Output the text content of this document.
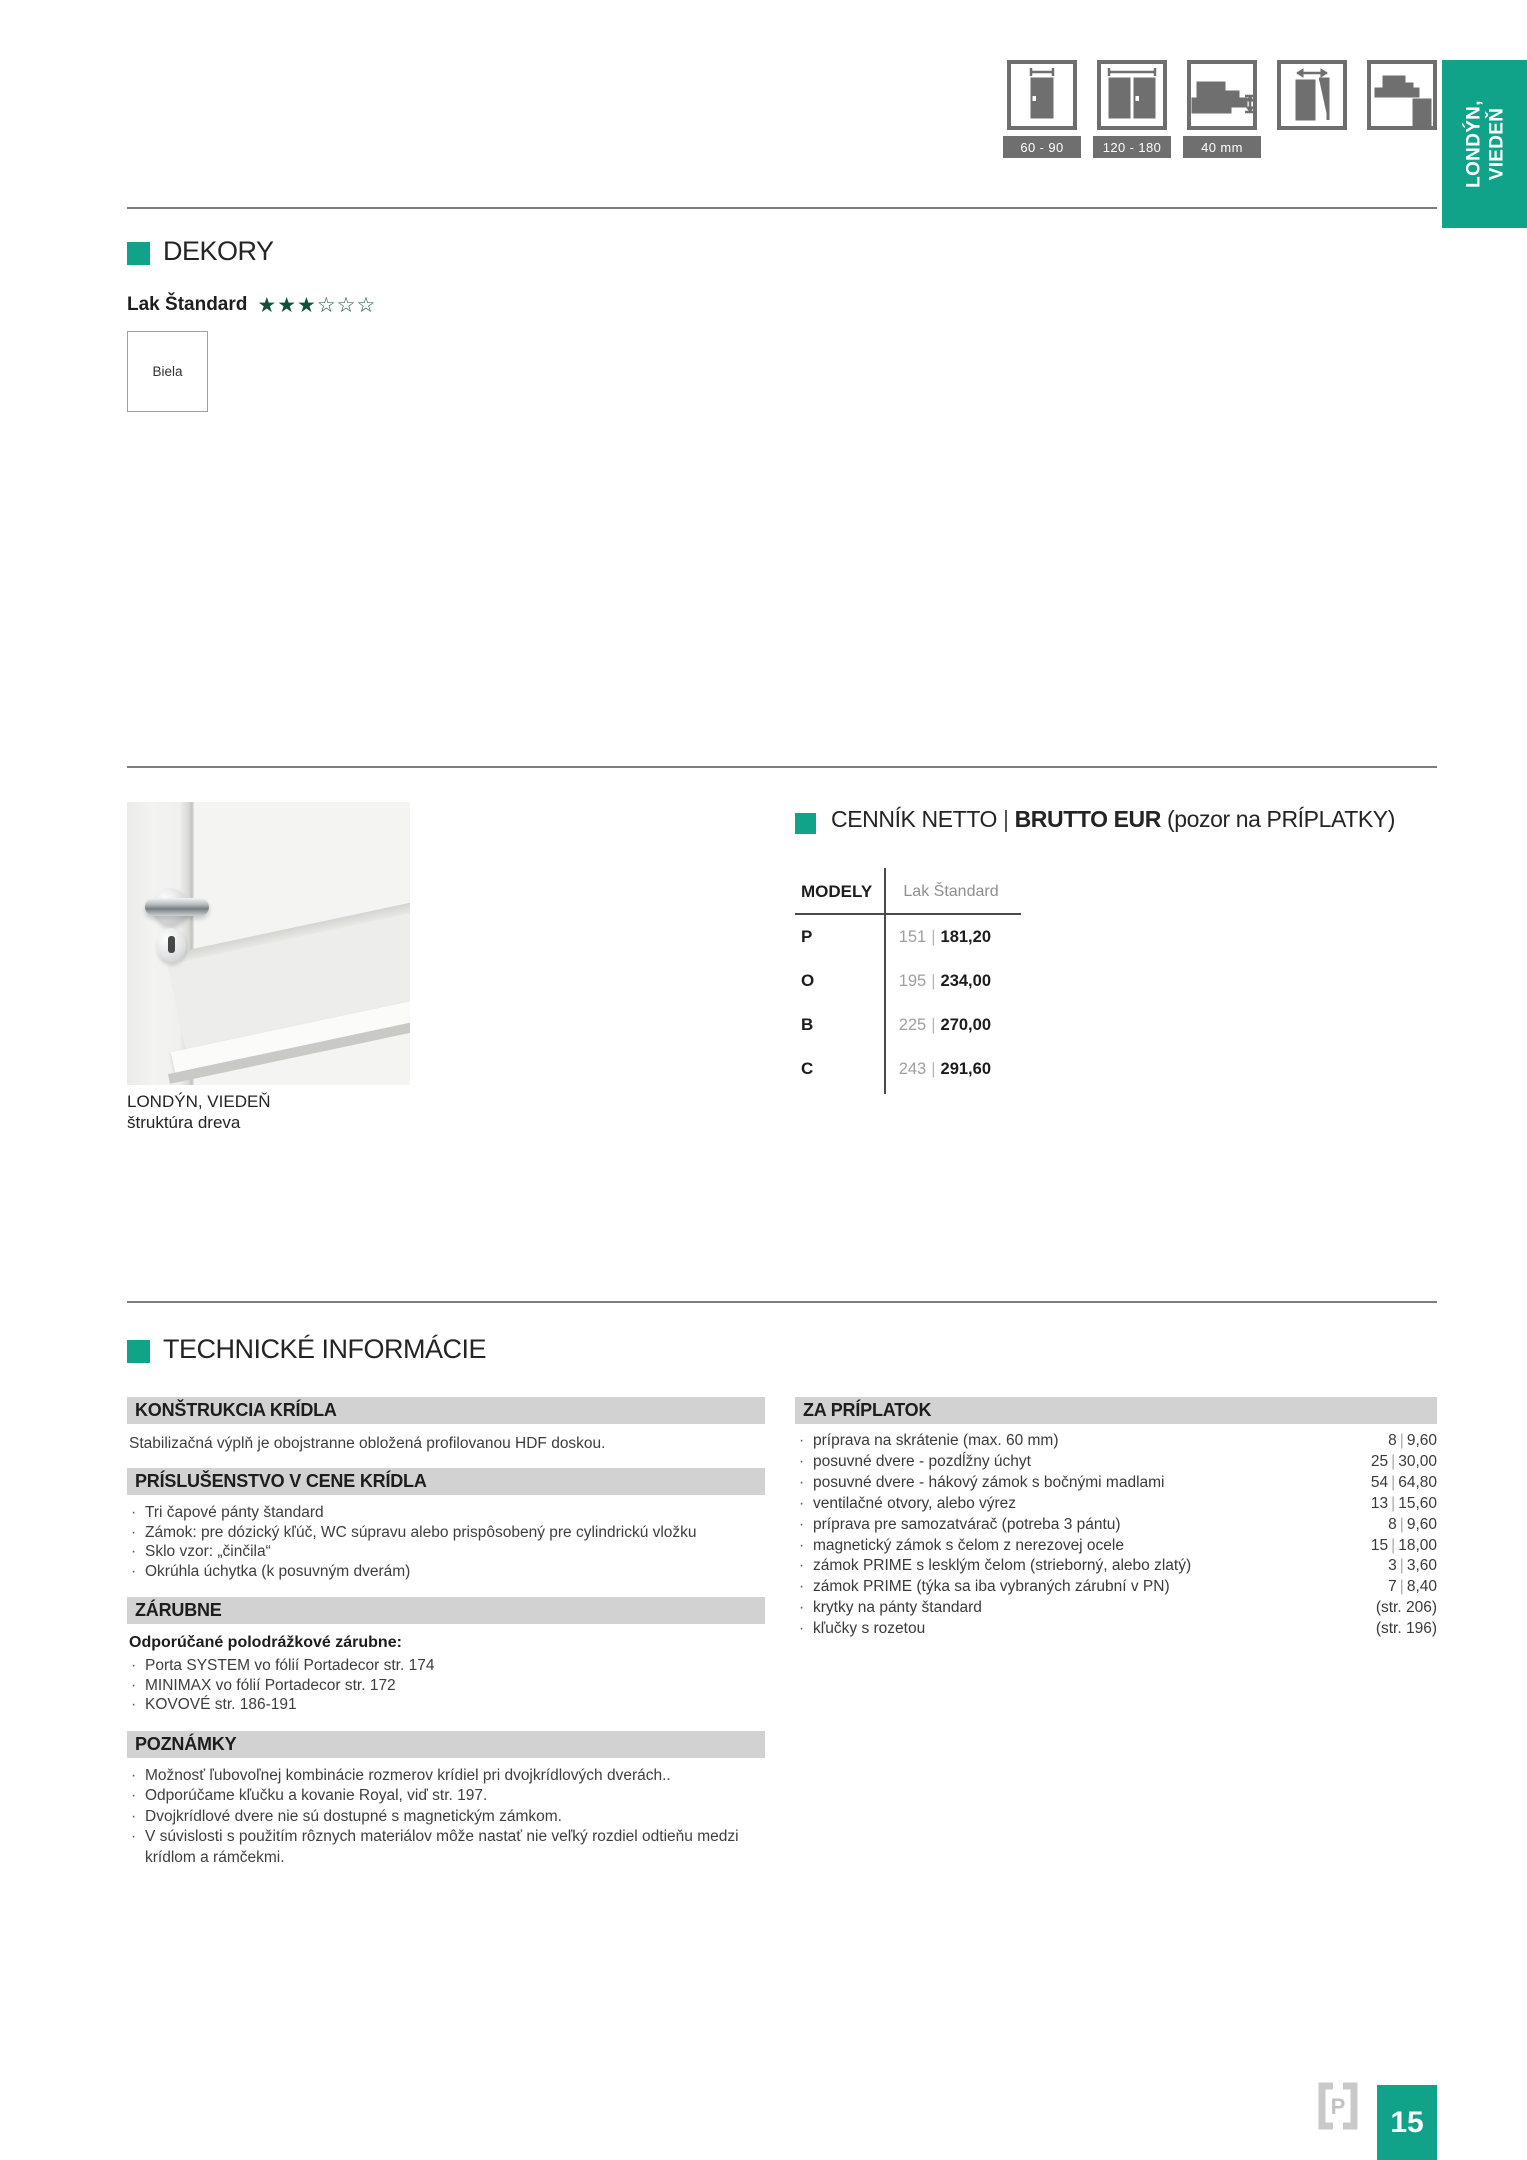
60 - 90	120 - 180	40 mm	LONDÝN, VIEDEŇ
DEKORY
Lak Štandard ★★★☆☆☆
Biela
LONDÝN, VIEDEŇ
štruktúra dreva
CENNÍK NETTO | BRUTTO EUR (pozor na PRÍPLATKY)
MODELY	Lak Štandard
P	151 | 181,20
O	195 | 234,00
B	225 | 270,00
C	243 | 291,60
TECHNICKÉ INFORMÁCIE
KONŠTRUKCIA KRÍDLA
Stabilizačná výplň je obojstranne obložená profilovanou HDF doskou.
PRÍSLUŠENSTVO V CENE KRÍDLA
· Tri čapové pánty štandard
· Zámok: pre dózický kľúč, WC súpravu alebo prispôsobený pre cylindrickú vložku
· Sklo vzor: „činčila“
· Okrúhla úchytka (k posuvným dverám)
ZÁRUBNE
Odporúčané polodrážkové zárubne:
· Porta SYSTEM vo fólií Portadecor str. 174
· MINIMAX vo fólií Portadecor str. 172
· KOVOVÉ str. 186-191
POZNÁMKY
· Možnosť ľubovoľnej kombinácie rozmerov krídiel pri dvojkrídlových dverách..
· Odporúčame kľučku a kovanie Royal, viď str. 197.
· Dvojkrídlové dvere nie sú dostupné s magnetickým zámkom.
· V súvislosti s použitím rôznych materiálov môže nastať nie veľký rozdiel odtieňu medzi krídlom a rámčekmi.
ZA PRÍPLATOK
· príprava na skrátenie (max. 60 mm)	8 | 9,60
· posuvné dvere - pozdĺžny úchyt	25 | 30,00
· posuvné dvere - hákový zámok s bočnými madlami	54 | 64,80
· ventilačné otvory, alebo výrez	13 | 15,60
· príprava pre samozatvárač (potreba 3 pántu)	8 | 9,60
· magnetický zámok s čelom z nerezovej ocele	15 | 18,00
· zámok PRIME s lesklým čelom (strieborný, alebo zlatý)	3 | 3,60
· zámok PRIME (týka sa iba vybraných zárubní v PN)	7 | 8,40
· krytky na pánty štandard	(str. 206)
· kľučky s rozetou	(str. 196)
P 15
